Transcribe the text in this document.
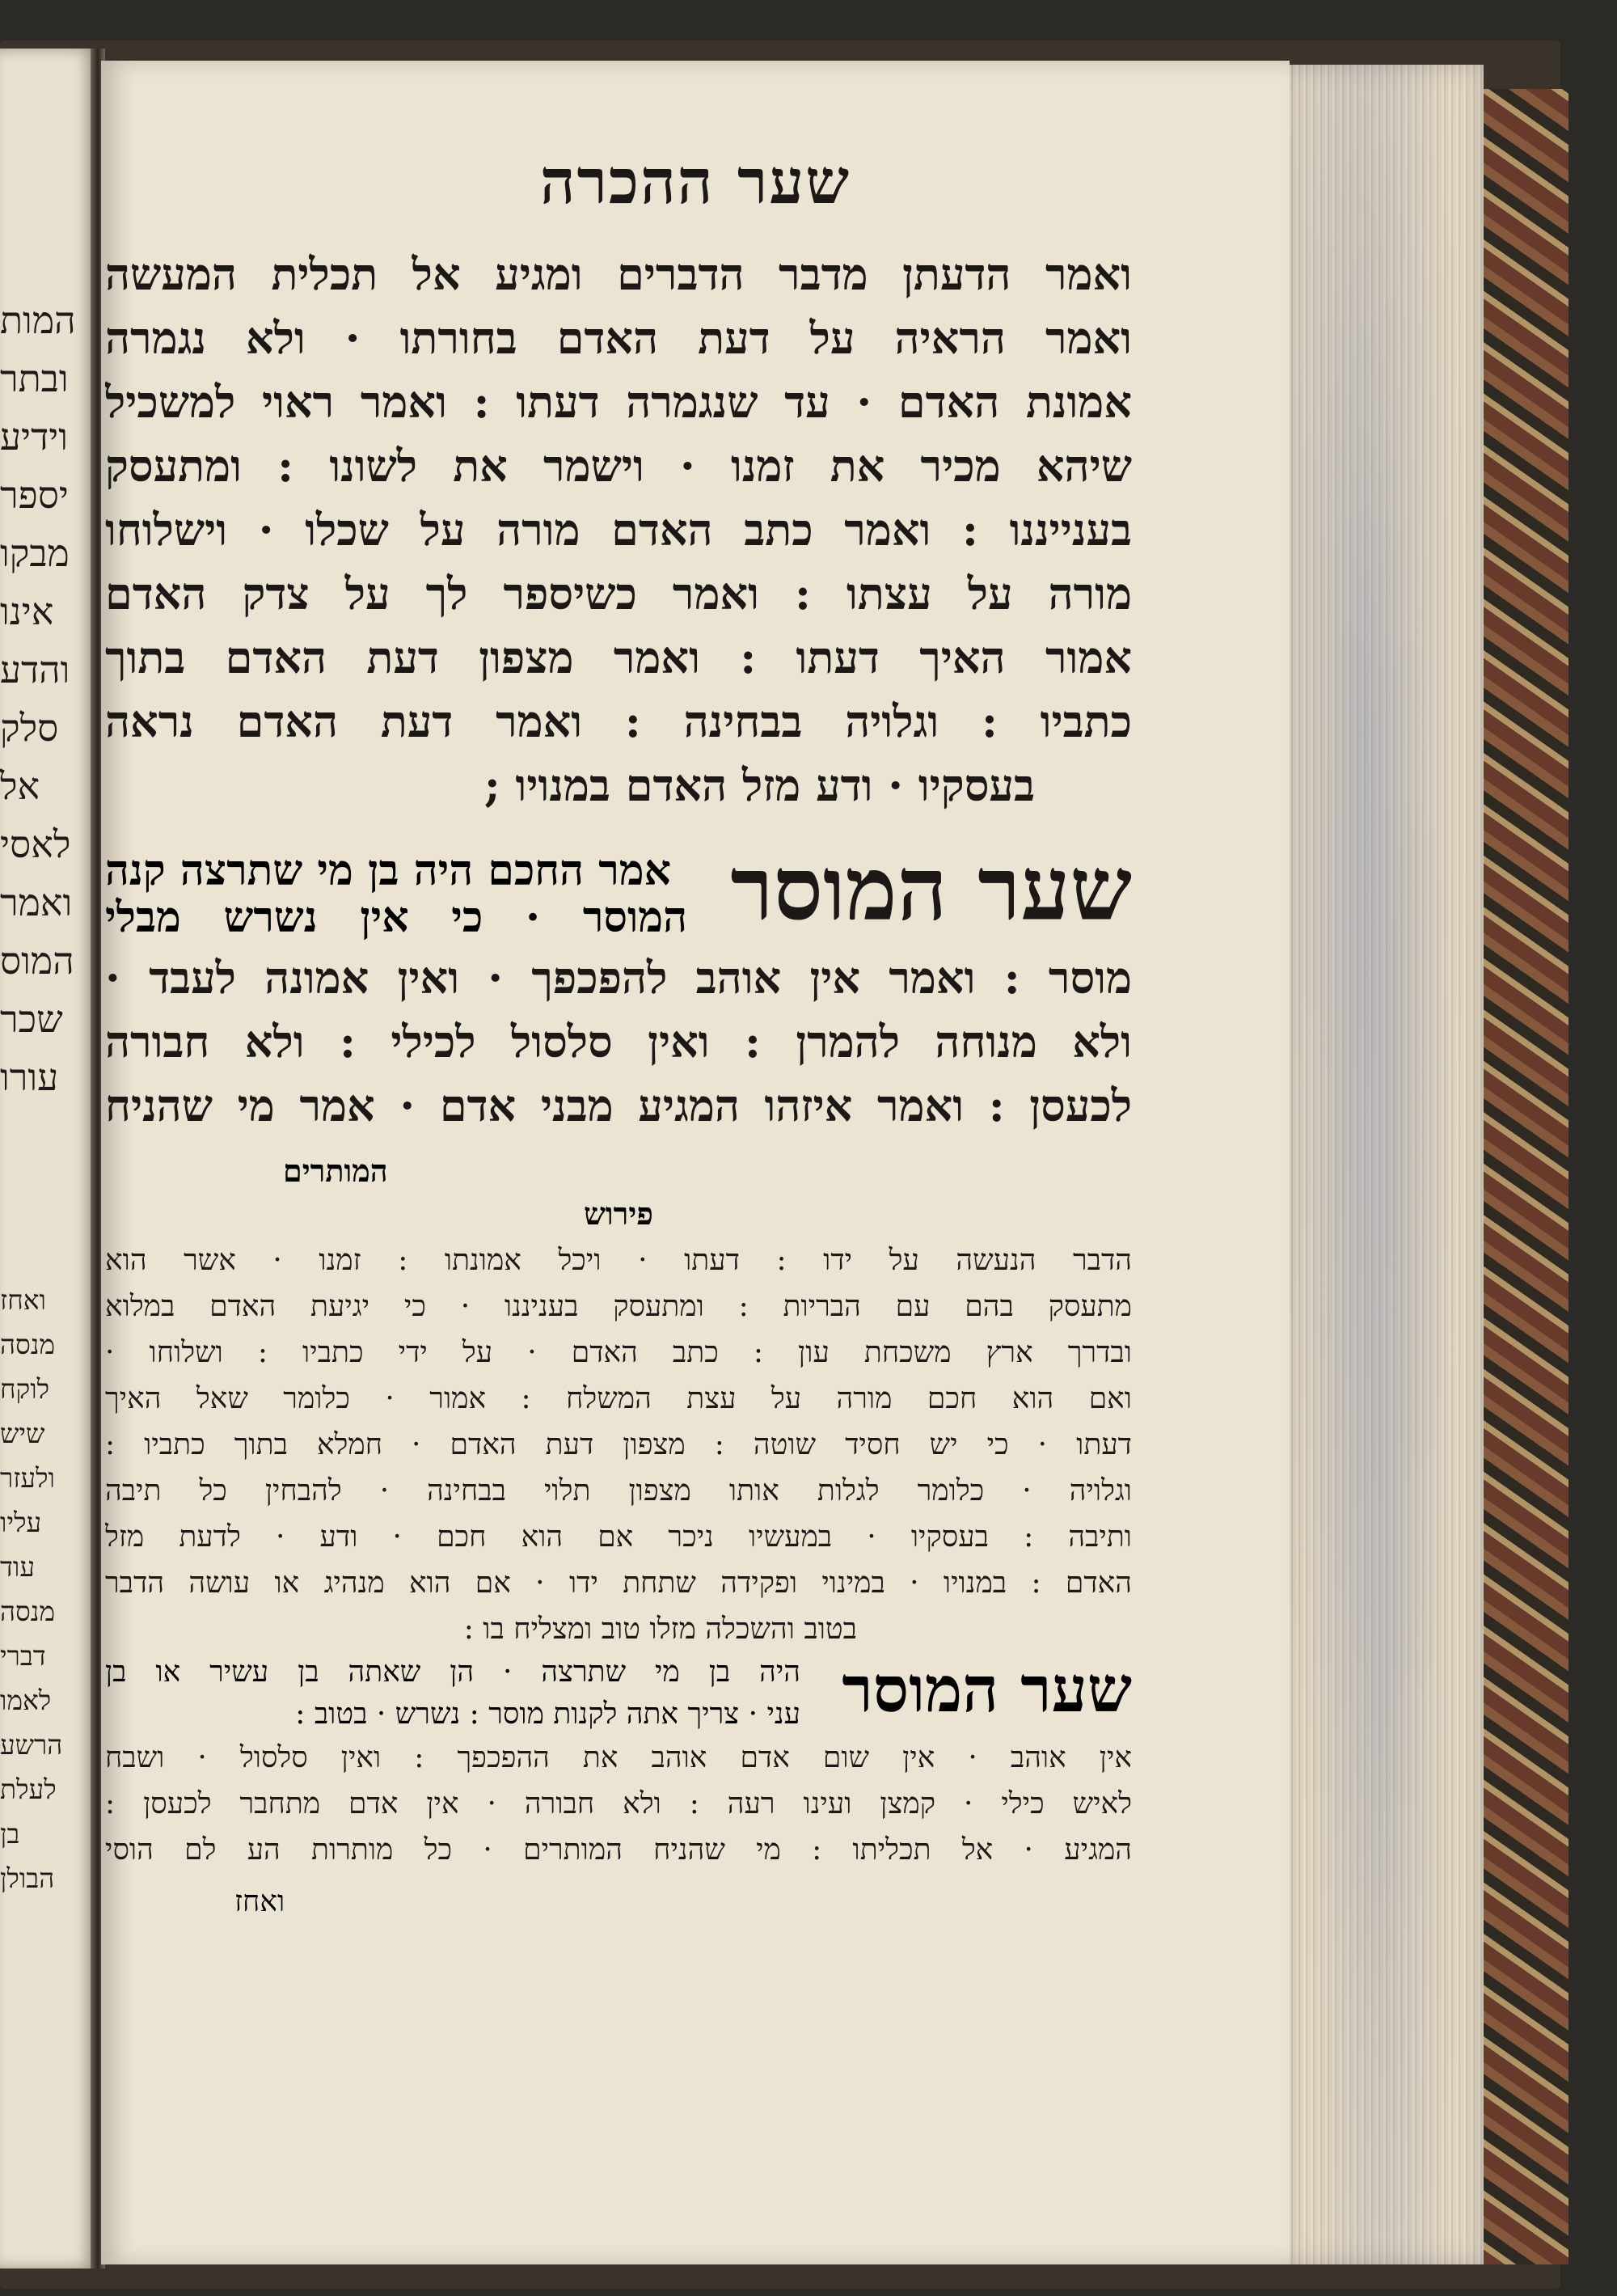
המות
ובתר
וידיע
יספר
מבקו
אינו
והדע
סלק
אל
לאסי
ואמר
המוס
שכר
עורו
ואחז
מנסה
לוקח
שיש
ולעזר
עליו
עוד
מנסה
דברי
לאמו
הרשע
לעלת
בן
הבולן
שער ההכרה
ואמר הדעתן מדבר הדברים ומגיע אל תכלית המעשה
ואמר הראיה על דעת האדם בחורתו · ולא נגמרה
אמונת האדם · עד שנגמרה דעתו : ואמר ראוי למשכיל
שיהא מכיר את זמנו · וישמר את לשונו : ומתעסק
בענייננו : ואמר כתב האדם מורה על שכלו · וישלוחו
מורה על עצתו : ואמר כשיספר לך על צדק האדם
אמור האיך דעתו : ואמר מצפון דעת האדם בתוך
כתביו : וגלויה בבחינה : ואמר דעת האדם נראה
בעסקיו · ודע מזל האדם במנויו ;
שער המוסר
אמר החכם היה בן מי שתרצה קנה
המוסר · כי אין נשרש מבלי
מוסר : ואמר אין אוהב להפכפך · ואין אמונה לעבד ·
ולא מנוחה להמרן : ואין סלסול לכילי : ולא חבורה
לכעסן : ואמר איזהו המגיע מבני אדם · אמר מי שהניח
המותרים
פירוש
הדבר הנעשה על ידו : דעתו · ויכל אמונתו : זמנו · אשר הוא
מתעסק בהם עם הבריות : ומתעסק בעניננו · כי יגיעת האדם במלוא
ובדרך ארץ משכחת עון : כתב האדם · על ידי כתביו : ושלוחו ·
ואם הוא חכם מורה על עצת המשלח : אמור · כלומר שאל האיך
דעתו · כי יש חסיד שוטה : מצפון דעת האדם · חמלא בתוך כתביו :
וגלויה · כלומר לגלות אותו מצפון תלוי בבחינה · להבחין כל תיבה
ותיבה : בעסקיו · במעשיו ניכר אם הוא חכם · ודע · לדעת מזל
האדם : במנויו · במינוי ופקידה שתחת ידו · אם הוא מנהיג או עושה הדבר
בטוב והשכלה מזלו טוב ומצליח בו :
שער המוסר
היה בן מי שתרצה · הן שאתה בן עשיר או בן
עני · צריך אתה לקנות מוסר : נשרש · בטוב :
אין אוהב · אין שום אדם אוהב את ההפכפך : ואין סלסול · ושבח
לאיש כילי · קמצן ועינו רעה : ולא חבורה · אין אדם מתחבר לכעסן :
המגיע · אל תכליתו : מי שהניח המותרים · כל מותרות הע לם הוסי
ואחז
